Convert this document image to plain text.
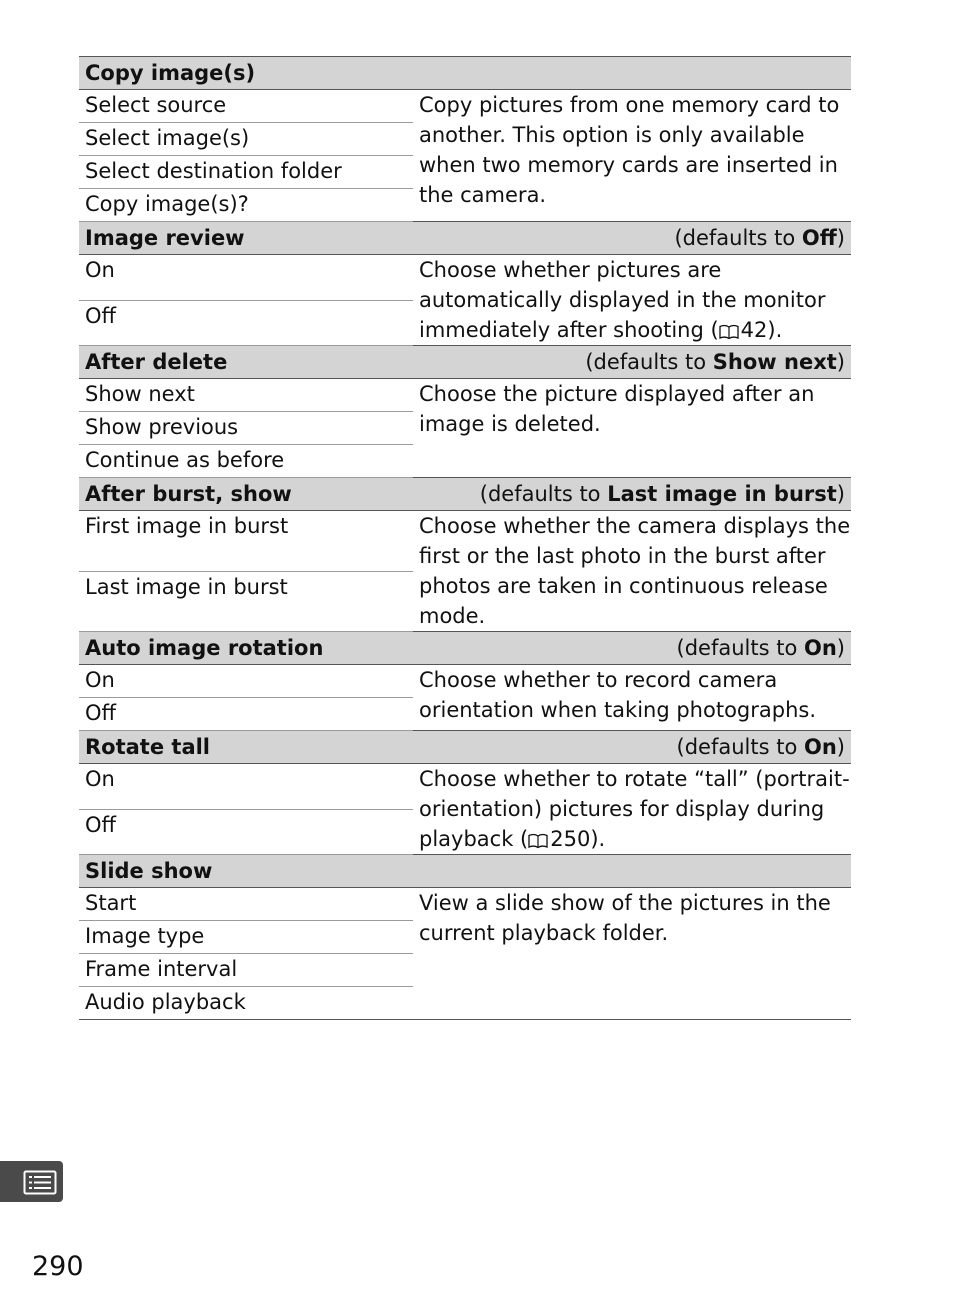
Copy image(s)	
Select source	Copy pictures from one memory card to another. This option is only available when two memory cards are inserted in the camera.
Select image(s)	
Select destination folder	
Copy image(s)?	
Image review	(defaults to Off)
On	Choose whether pictures are automatically displayed in the monitor immediately after shooting ( 42).
Off	
After delete	(defaults to Show next)
Show next	Choose the picture displayed after an image is deleted.
Show previous	
Continue as before	
After burst, show	(defaults to Last image in burst)
First image in burst	Choose whether the camera displays the first or the last photo in the burst after photos are taken in continuous release mode.
Last image in burst	
Auto image rotation	(defaults to On)
On	Choose whether to record camera orientation when taking photographs.
Off	
Rotate tall	(defaults to On)
On	Choose whether to rotate “tall” (portrait-orientation) pictures for display during playback ( 250).
Off	
Slide show	
Start	View a slide show of the pictures in the current playback folder.
Image type	
Frame interval	
Audio playback	
290
